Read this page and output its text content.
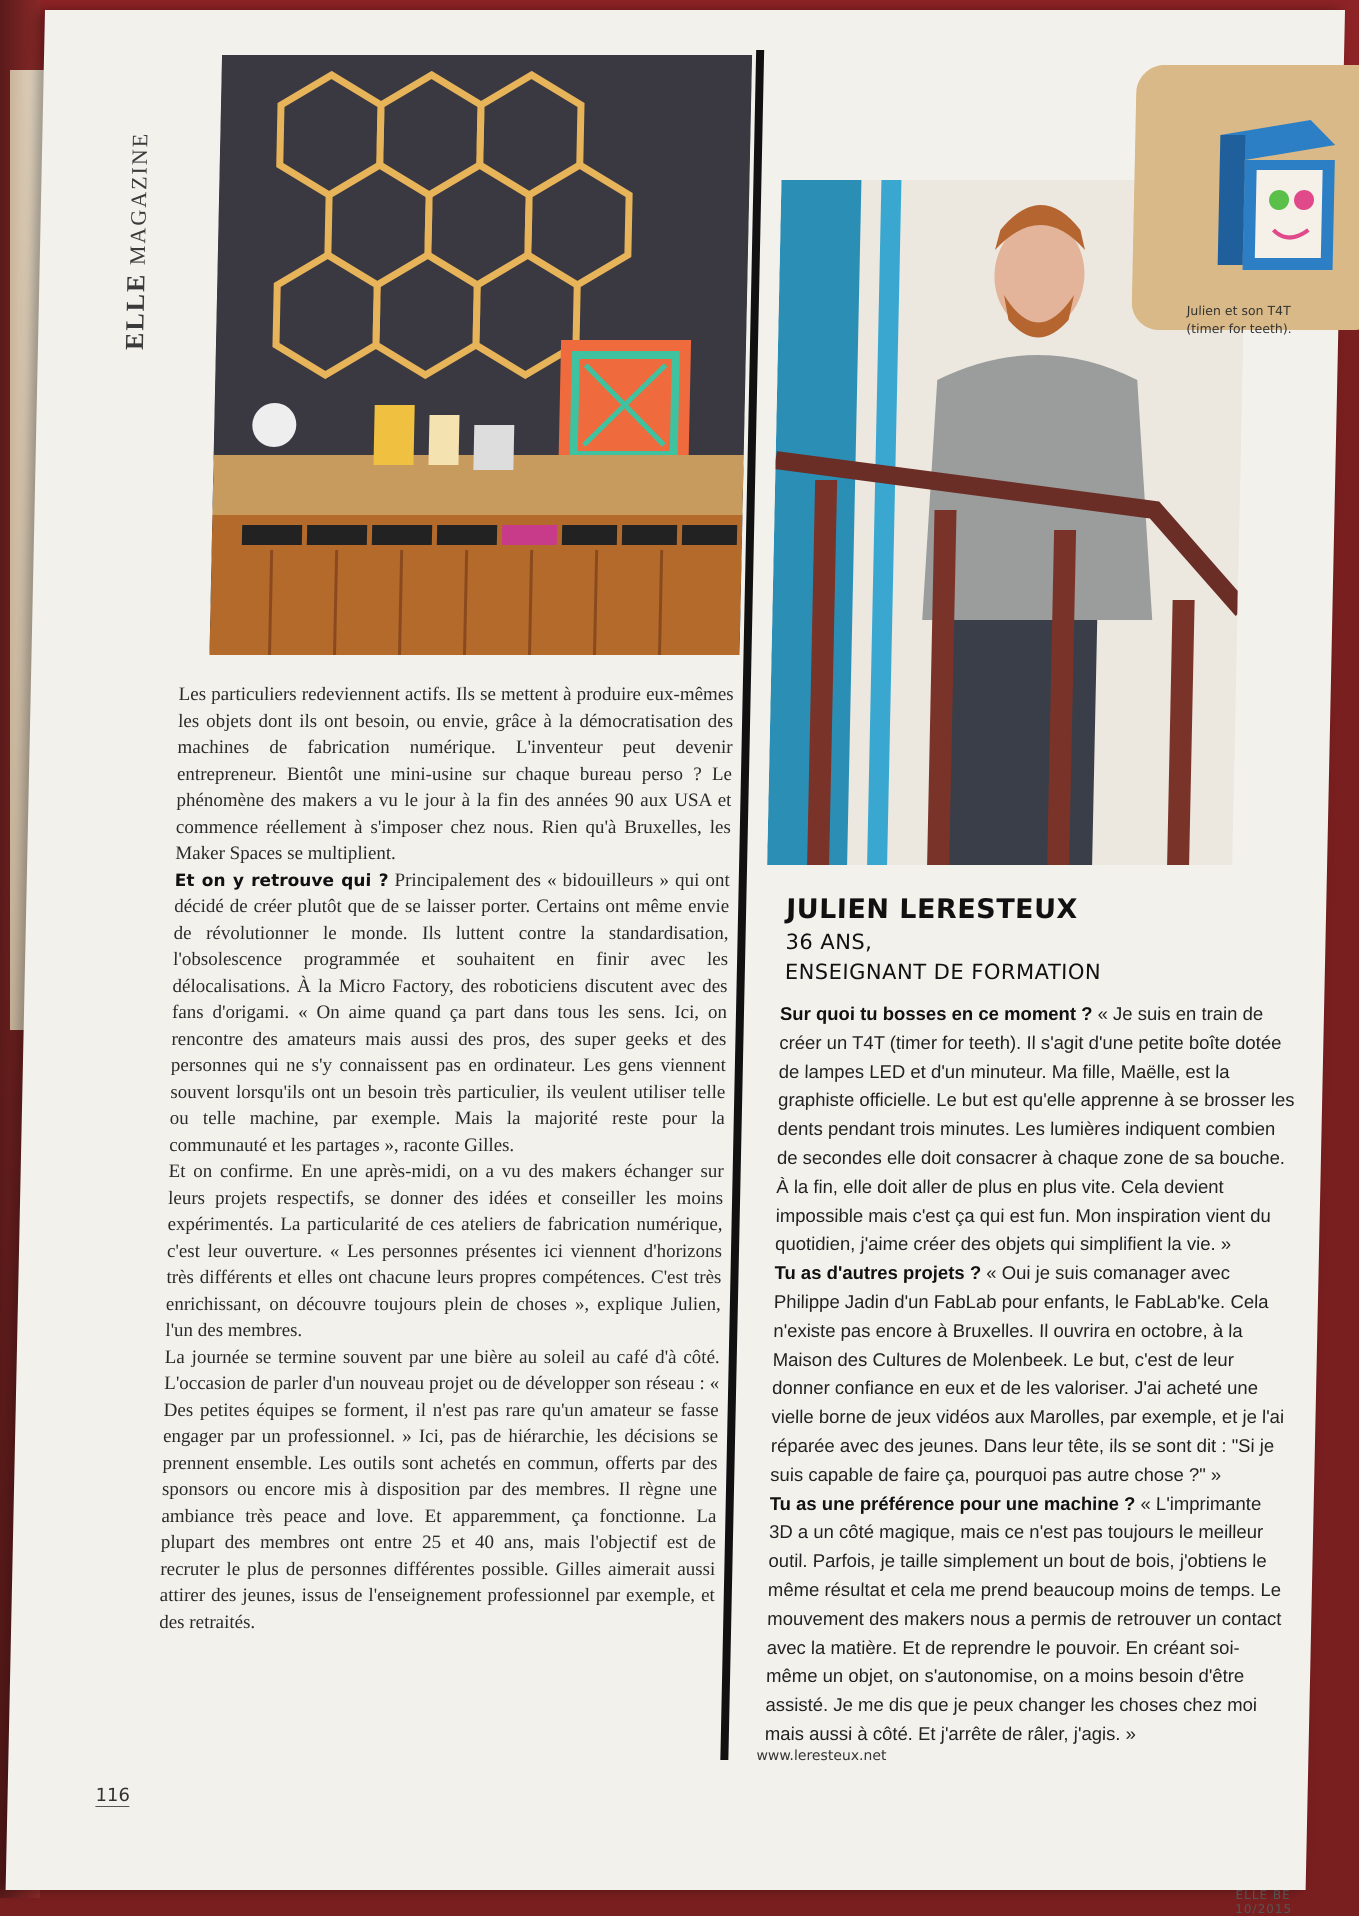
ELLE MAGAZINE
Julien et son T4T (timer for teeth).

Les particuliers redeviennent actifs. Ils se mettent à produire eux-mêmes les objets dont ils ont besoin, ou envie, grâce à la démocratisation des machines de fabrication numérique. L'inventeur peut devenir entrepreneur. Bientôt une mini-usine sur chaque bureau perso ? Le phénomène des makers a vu le jour à la fin des années 90 aux USA et commence réellement à s'imposer chez nous. Rien qu'à Bruxelles, les Maker Spaces se multiplient.

Et on y retrouve qui ? Principalement des « bidouilleurs » qui ont décidé de créer plutôt que de se laisser porter. Certains ont même envie de révolutionner le monde. Ils luttent contre la standardisation, l'obsolescence programmée et souhaitent en finir avec les délocalisations. À la Micro Factory, des roboticiens discutent avec des fans d'origami. « On aime quand ça part dans tous les sens. Ici, on rencontre des amateurs mais aussi des pros, des super geeks et des personnes qui ne s'y connaissent pas en ordinateur. Les gens viennent souvent lorsqu'ils ont un besoin très particulier, ils veulent utiliser telle ou telle machine, par exemple. Mais la majorité reste pour la communauté et les partages », raconte Gilles.

Et on confirme. En une après-midi, on a vu des makers échanger sur leurs projets respectifs, se donner des idées et conseiller les moins expérimentés. La particularité de ces ateliers de fabrication numérique, c'est leur ouverture. « Les personnes présentes ici viennent d'horizons très différents et elles ont chacune leurs propres compétences. C'est très enrichissant, on découvre toujours plein de choses », explique Julien, l'un des membres.

La journée se termine souvent par une bière au soleil au café d'à côté. L'occasion de parler d'un nouveau projet ou de développer son réseau : « Des petites équipes se forment, il n'est pas rare qu'un amateur se fasse engager par un professionnel. » Ici, pas de hiérarchie, les décisions se prennent ensemble. Les outils sont achetés en commun, offerts par des sponsors ou encore mis à disposition par des membres. Il règne une ambiance très peace and love. Et apparemment, ça fonctionne. La plupart des membres ont entre 25 et 40 ans, mais l'objectif est de recruter le plus de personnes différentes possible. Gilles aimerait aussi attirer des jeunes, issus de l'enseignement professionnel par exemple, et des retraités.

JULIEN LERESTEUX
36 ANS,
ENSEIGNANT DE FORMATION

Sur quoi tu bosses en ce moment ? « Je suis en train de créer un T4T (timer for teeth). Il s'agit d'une petite boîte dotée de lampes LED et d'un minuteur. Ma fille, Maëlle, est la graphiste officielle. Le but est qu'elle apprenne à se brosser les dents pendant trois minutes. Les lumières indiquent combien de secondes elle doit consacrer à chaque zone de sa bouche. À la fin, elle doit aller de plus en plus vite. Cela devient impossible mais c'est ça qui est fun. Mon inspiration vient du quotidien, j'aime créer des objets qui simplifient la vie. »

Tu as d'autres projets ? « Oui je suis comanager avec Philippe Jadin d'un FabLab pour enfants, le FabLab'ke. Cela n'existe pas encore à Bruxelles. Il ouvrira en octobre, à la Maison des Cultures de Molenbeek. Le but, c'est de leur donner confiance en eux et de les valoriser. J'ai acheté une vielle borne de jeux vidéos aux Marolles, par exemple, et je l'ai réparée avec des jeunes. Dans leur tête, ils se sont dit : "Si je suis capable de faire ça, pourquoi pas autre chose ?" »

Tu as une préférence pour une machine ? « L'imprimante 3D a un côté magique, mais ce n'est pas toujours le meilleur outil. Parfois, je taille simplement un bout de bois, j'obtiens le même résultat et cela me prend beaucoup moins de temps. Le mouvement des makers nous a permis de retrouver un contact avec la matière. Et de reprendre le pouvoir. En créant soi-même un objet, on s'autonomise, on a moins besoin d'être assisté. Je me dis que je peux changer les choses chez moi mais aussi à côté. Et j'arrête de râler, j'agis. »

www.leresteux.net
116
ELLE BE 10/2015
